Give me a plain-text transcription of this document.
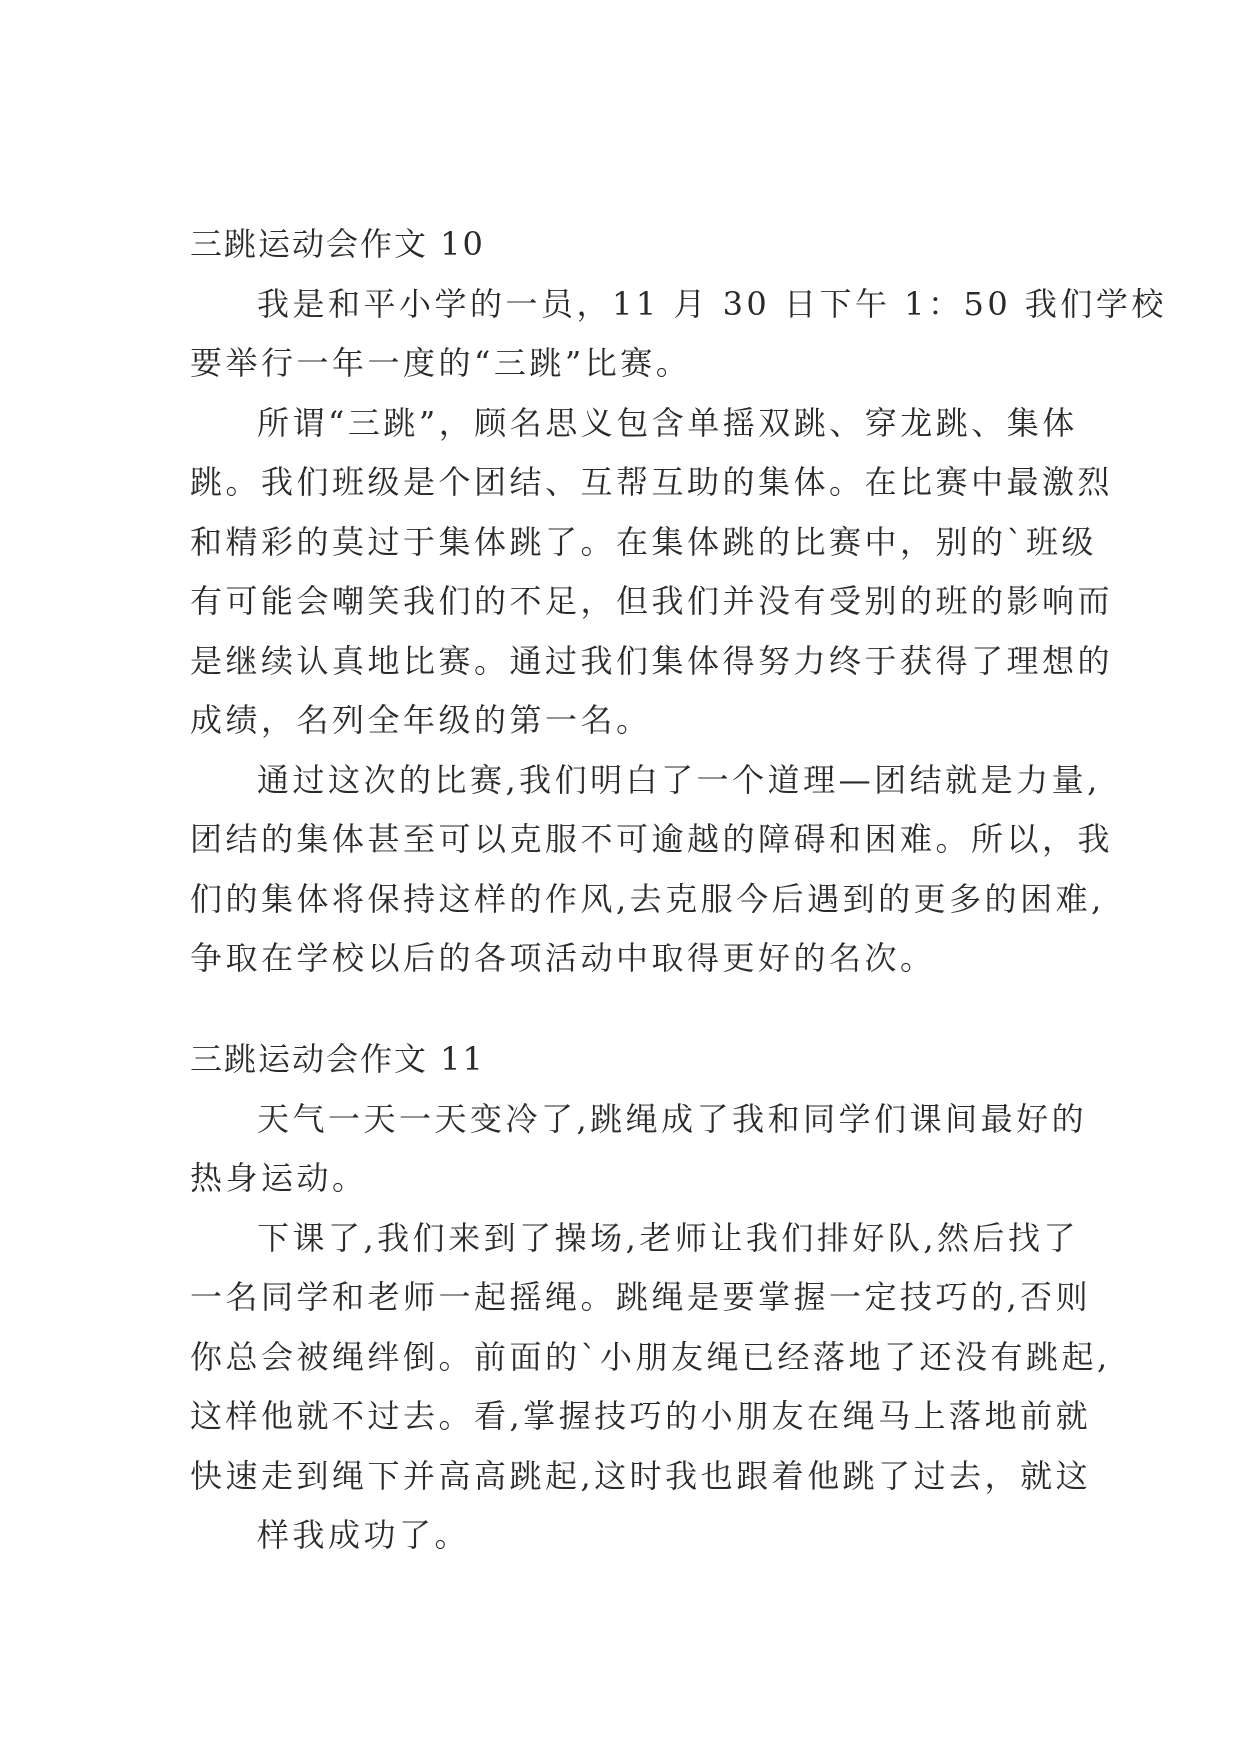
三跳运动会作文 10
我是和平小学的一员，11 月 30 日下午 1：50 我们学校
要举行一年一度的“三跳”比赛。
所谓“三跳”，顾名思义包含单摇双跳、穿龙跳、集体
跳。我们班级是个团结、互帮互助的集体。在比赛中最激烈
和精彩的莫过于集体跳了。在集体跳的比赛中，别的`班级
有可能会嘲笑我们的不足，但我们并没有受别的班的影响而
是继续认真地比赛。通过我们集体得努力终于获得了理想的
成绩，名列全年级的第一名。
通过这次的比赛,我们明白了一个道理—团结就是力量,
团结的集体甚至可以克服不可逾越的障碍和困难。所以，我
们的集体将保持这样的作风,去克服今后遇到的更多的困难,
争取在学校以后的各项活动中取得更好的名次。
三跳运动会作文 11
天气一天一天变冷了,跳绳成了我和同学们课间最好的
热身运动。
下课了,我们来到了操场,老师让我们排好队,然后找了
一名同学和老师一起摇绳。跳绳是要掌握一定技巧的,否则
你总会被绳绊倒。前面的`小朋友绳已经落地了还没有跳起,
这样他就不过去。看,掌握技巧的小朋友在绳马上落地前就
快速走到绳下并高高跳起,这时我也跟着他跳了过去，就这
样我成功了。
